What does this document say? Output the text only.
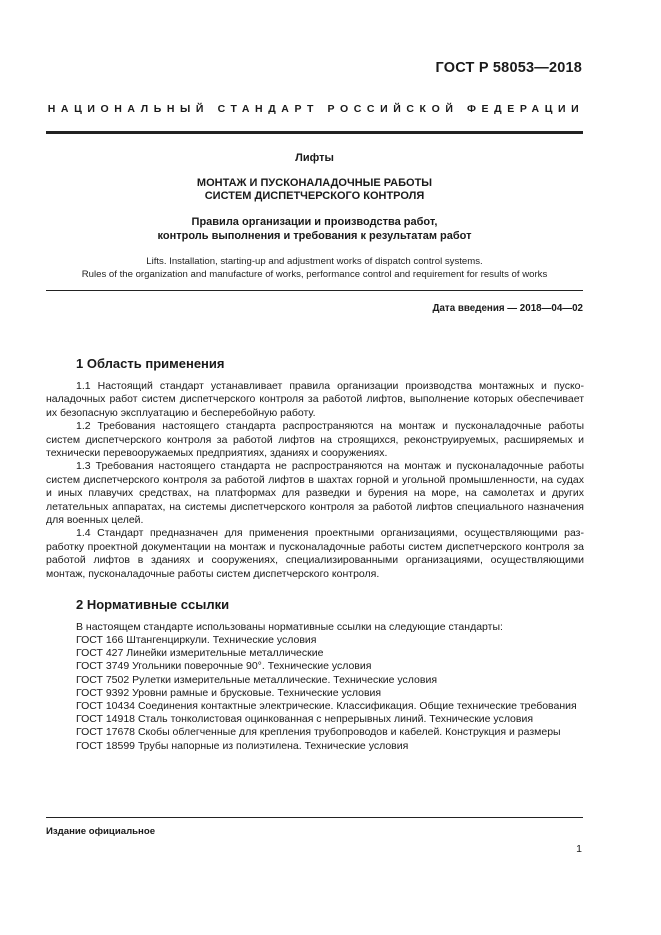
ГОСТ Р 58053—2018
НАЦИОНАЛЬНЫЙ СТАНДАРТ РОССИЙСКОЙ ФЕДЕРАЦИИ
Лифты
МОНТАЖ И ПУСКОНАЛАДОЧНЫЕ РАБОТЫ
СИСТЕМ ДИСПЕТЧЕРСКОГО КОНТРОЛЯ
Правила организации и производства работ,
контроль выполнения и требования к результатам работ
Lifts. Installation, starting-up and adjustment works of dispatch control systems.
Rules of the organization and manufacture of works, performance control and requirement for results of works
Дата введения — 2018—04—02
1 Область применения

1.1 Настоящий стандарт устанавливает правила организации производства монтажных и пусконаладочных работ систем диспетчерского контроля за работой лифтов, выполнение которых обеспечивает их безопасную эксплуатацию и бесперебойную работу.

1.2 Требования настоящего стандарта распространяются на монтаж и пусконаладочные работы систем диспетчерского контроля за работой лифтов на строящихся, реконструируемых, расширяемых и технически перевооружаемых предприятиях, зданиях и сооружениях.

1.3 Требования настоящего стандарта не распространяются на монтаж и пусконаладочные работы систем диспетчерского контроля за работой лифтов в шахтах горной и угольной промышленности, на судах и иных плавучих средствах, на платформах для разведки и бурения на море, на самолетах и других летательных аппаратах, на системы диспетчерского контроля за работой лифтов специального назначения для военных целей.

1.4 Стандарт предназначен для применения проектными организациями, осуществляющими разработку проектной документации на монтаж и пусконаладочные работы систем диспетчерского контроля за работой лифтов в зданиях и сооружениях, специализированными организациями, осуществляющими монтаж, пусконаладочные работы систем диспетчерского контроля.

2 Нормативные ссылки

В настоящем стандарте использованы нормативные ссылки на следующие стандарты:

ГОСТ 166 Штангенциркули. Технические условия
ГОСТ 427 Линейки измерительные металлические
ГОСТ 3749 Угольники поверочные 90°. Технические условия
ГОСТ 7502 Рулетки измерительные металлические. Технические условия
ГОСТ 9392 Уровни рамные и брусковые. Технические условия
ГОСТ 10434 Соединения контактные электрические. Классификация. Общие технические требования
ГОСТ 14918 Сталь тонколистовая оцинкованная с непрерывных линий. Технические условия
ГОСТ 17678 Скобы облегченные для крепления трубопроводов и кабелей. Конструкция и размеры
ГОСТ 18599 Трубы напорные из полиэтилена. Технические условия
Издание официальное
1
